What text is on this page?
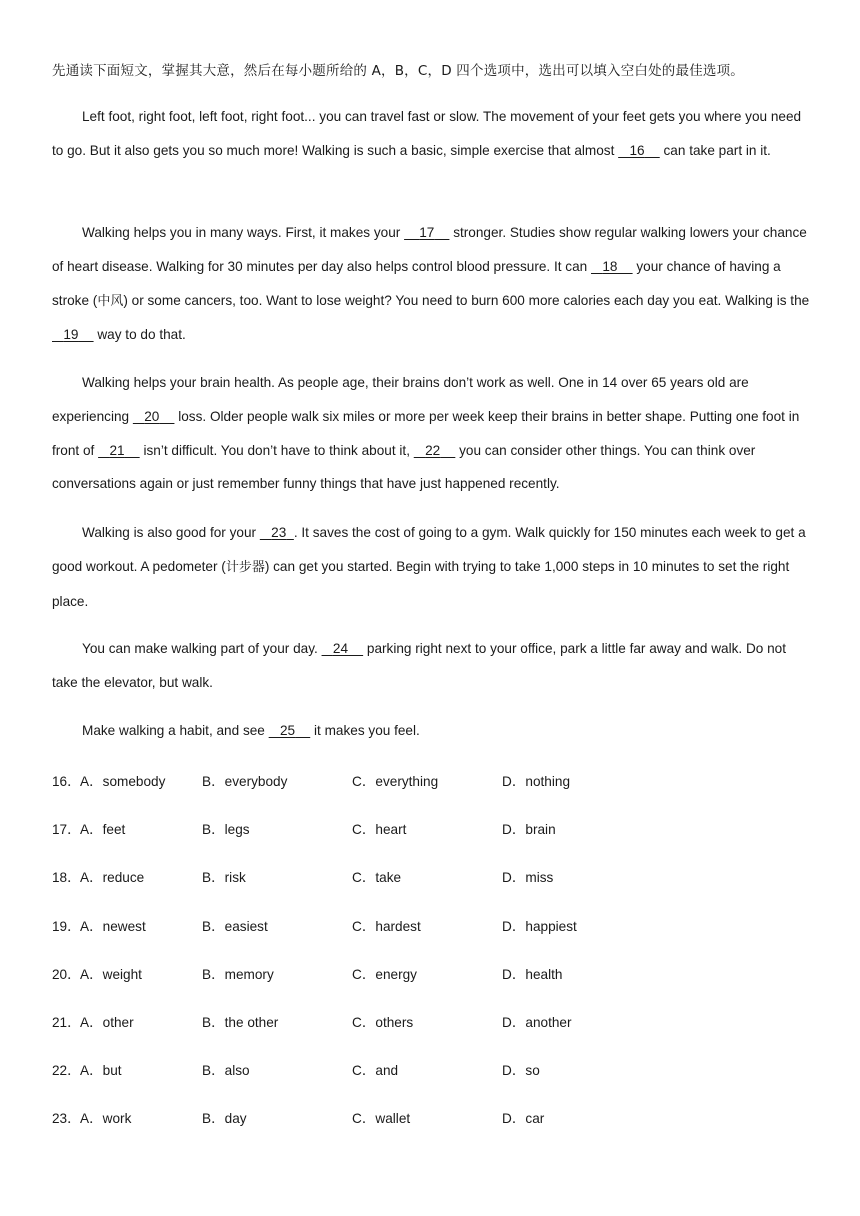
先通读下面短文，掌握其大意，然后在每小题所给的 A，B，C，D 四个选项中，选出可以填入空白处的最佳选项。

Left foot, right foot, left foot, right foot... you can travel fast or slow. The movement of your feet gets you where you need to go. But it also gets you so much more! Walking is such a basic, simple exercise that almost    16     can take part in it.

Walking helps you in many ways. First, it makes your     17     stronger. Studies show regular walking lowers your chance of heart disease. Walking for 30 minutes per day also helps control blood pressure. It can    18     your chance of having a stroke (中风) or some cancers, too. Want to lose weight? You need to burn 600 more calories each day you eat. Walking is the    19     way to do that.

Walking helps your brain health. As people age, their brains don’t work as well. One in 14 over 65 years old are experiencing    20     loss. Older people walk six miles or more per week keep their brains in better shape. Putting one foot in front of    21     isn’t difficult. You don’t have to think about it,    22     you can consider other things. You can think over conversations again or just remember funny things that have just happened recently.

Walking is also good for your    23 . It saves the cost of going to a gym. Walk quickly for 150 minutes each week to get a good workout. A pedometer (计步器) can get you started. Begin with trying to take 1,000 steps in 10 minutes to set the right place.

You can make walking part of your day.    24     parking right next to your office, park a little far away and walk. Do not take the elevator, but walk.

Make walking a habit, and see    25     it makes you feel.

16． A．somebody	B．everybody	C．everything	D．nothing
17． A．feet	B．legs	C．heart	D．brain
18． A．reduce	B．risk	C．take	D．miss
19． A．newest	B．easiest	C．hardest	D．happiest
20． A．weight	B．memory	C．energy	D．health
21． A．other	B．the other	C．others	D．another
22． A．but	B．also	C．and	D．so
23． A．work	B．day	C．wallet	D．car
